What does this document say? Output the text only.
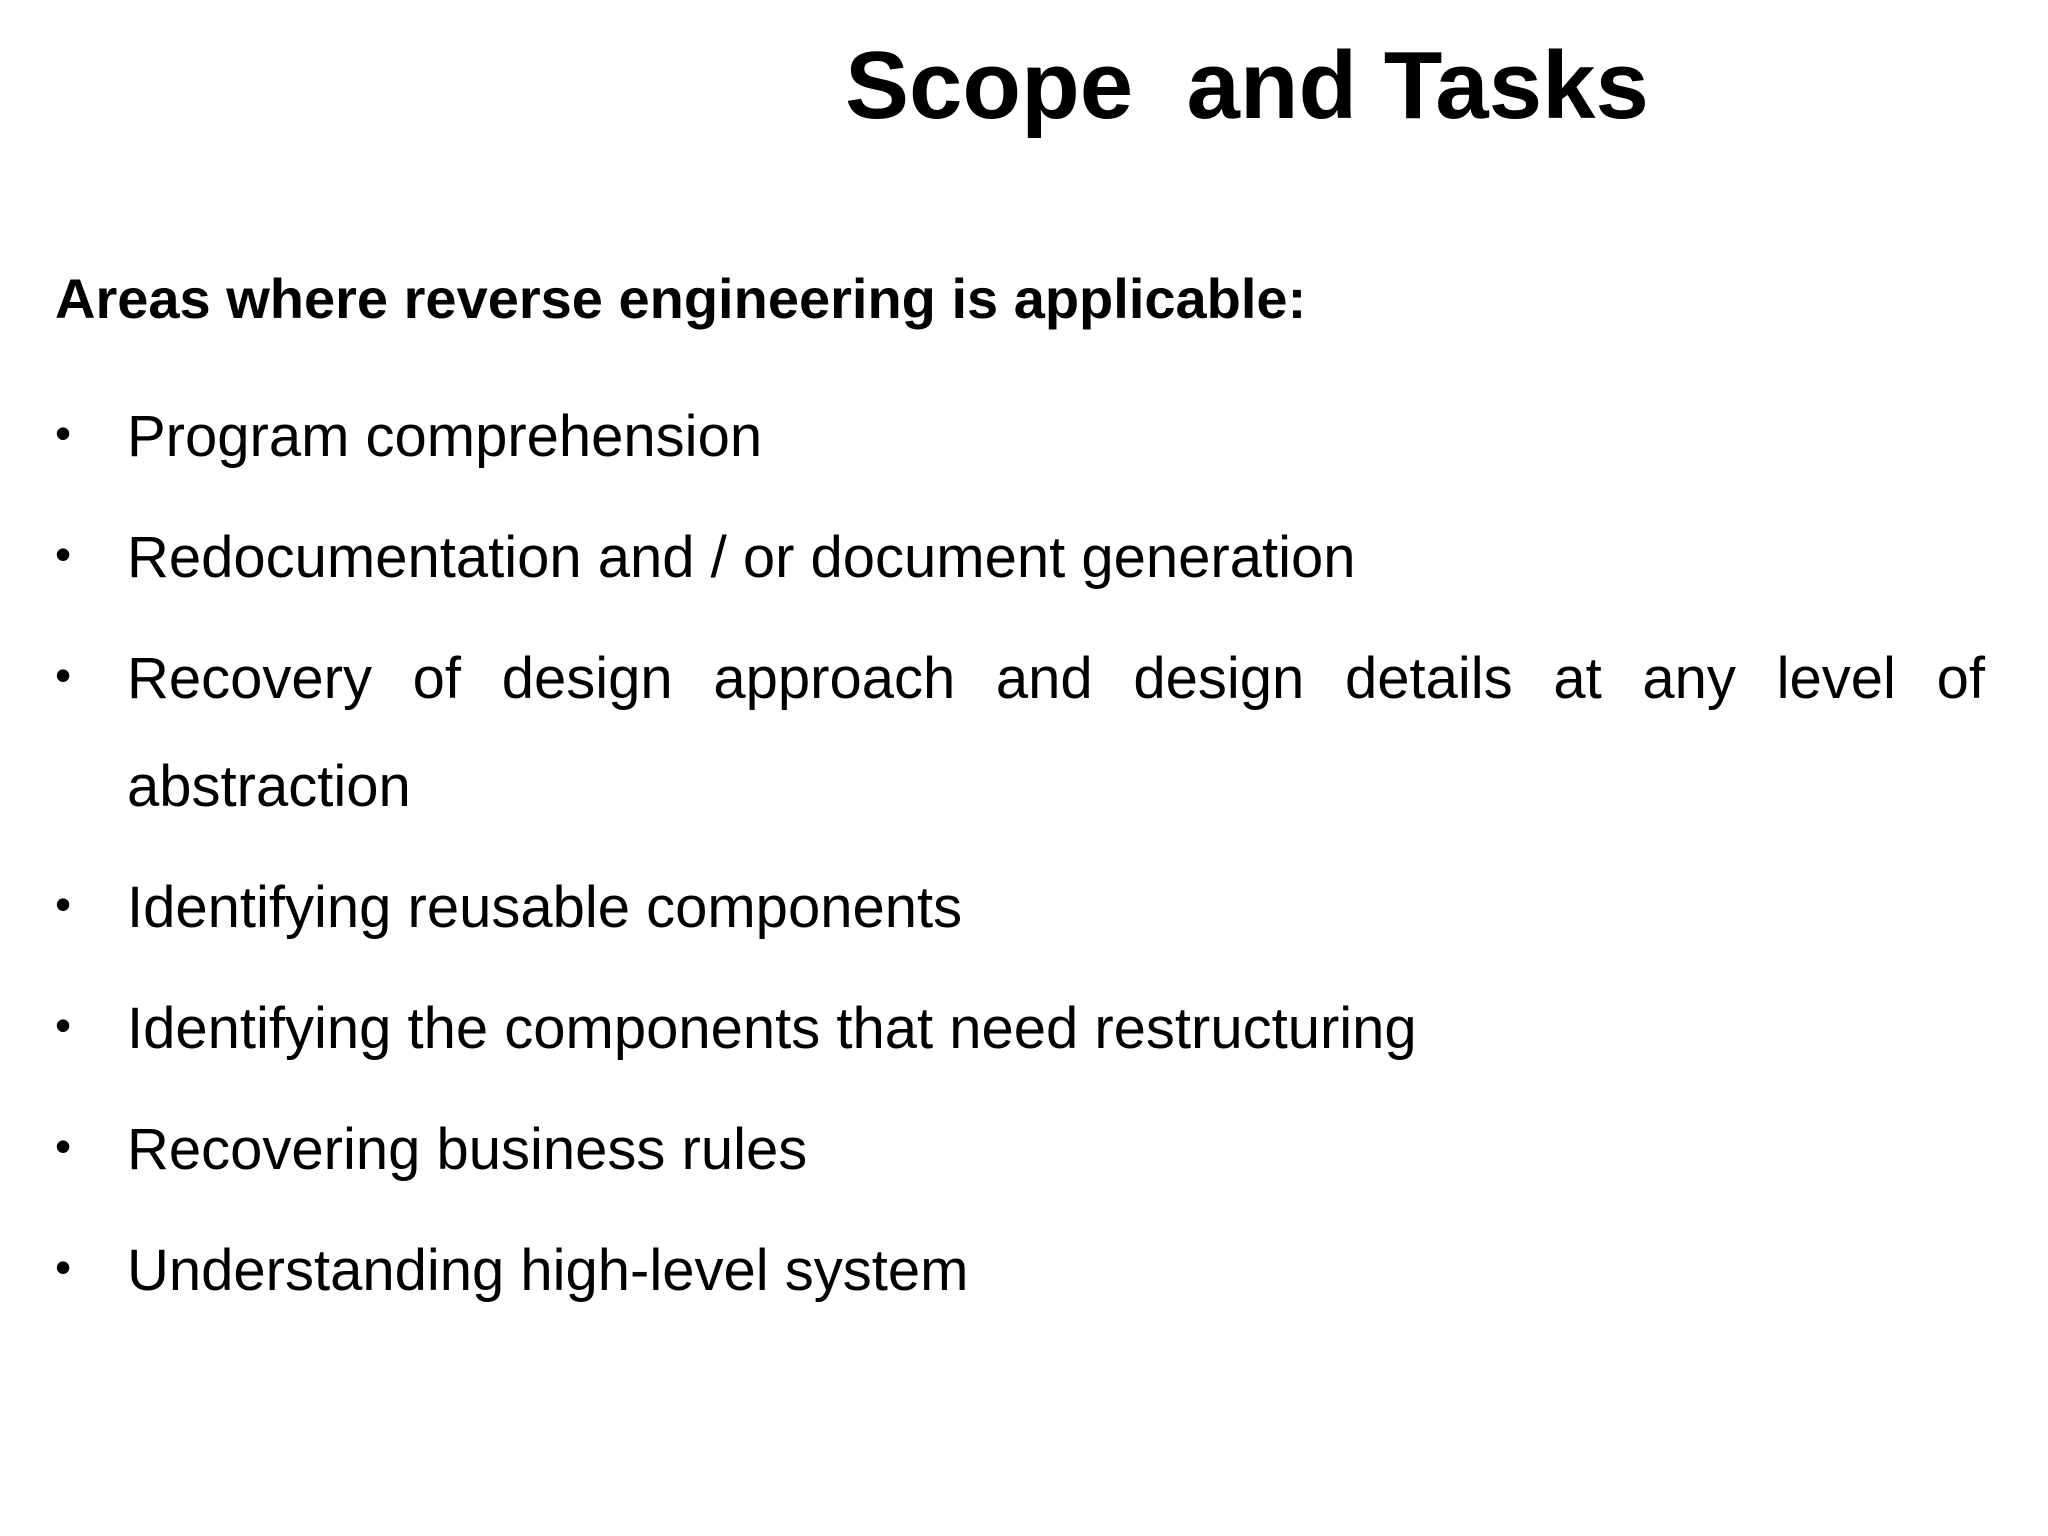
Scope  and Tasks
Areas where reverse engineering is applicable:
• Program comprehension
• Redocumentation and / or document generation
• Recovery of design approach and design details at any level of abstraction
• Identifying reusable components
• Identifying the components that need restructuring
• Recovering business rules
• Understanding high-level system
